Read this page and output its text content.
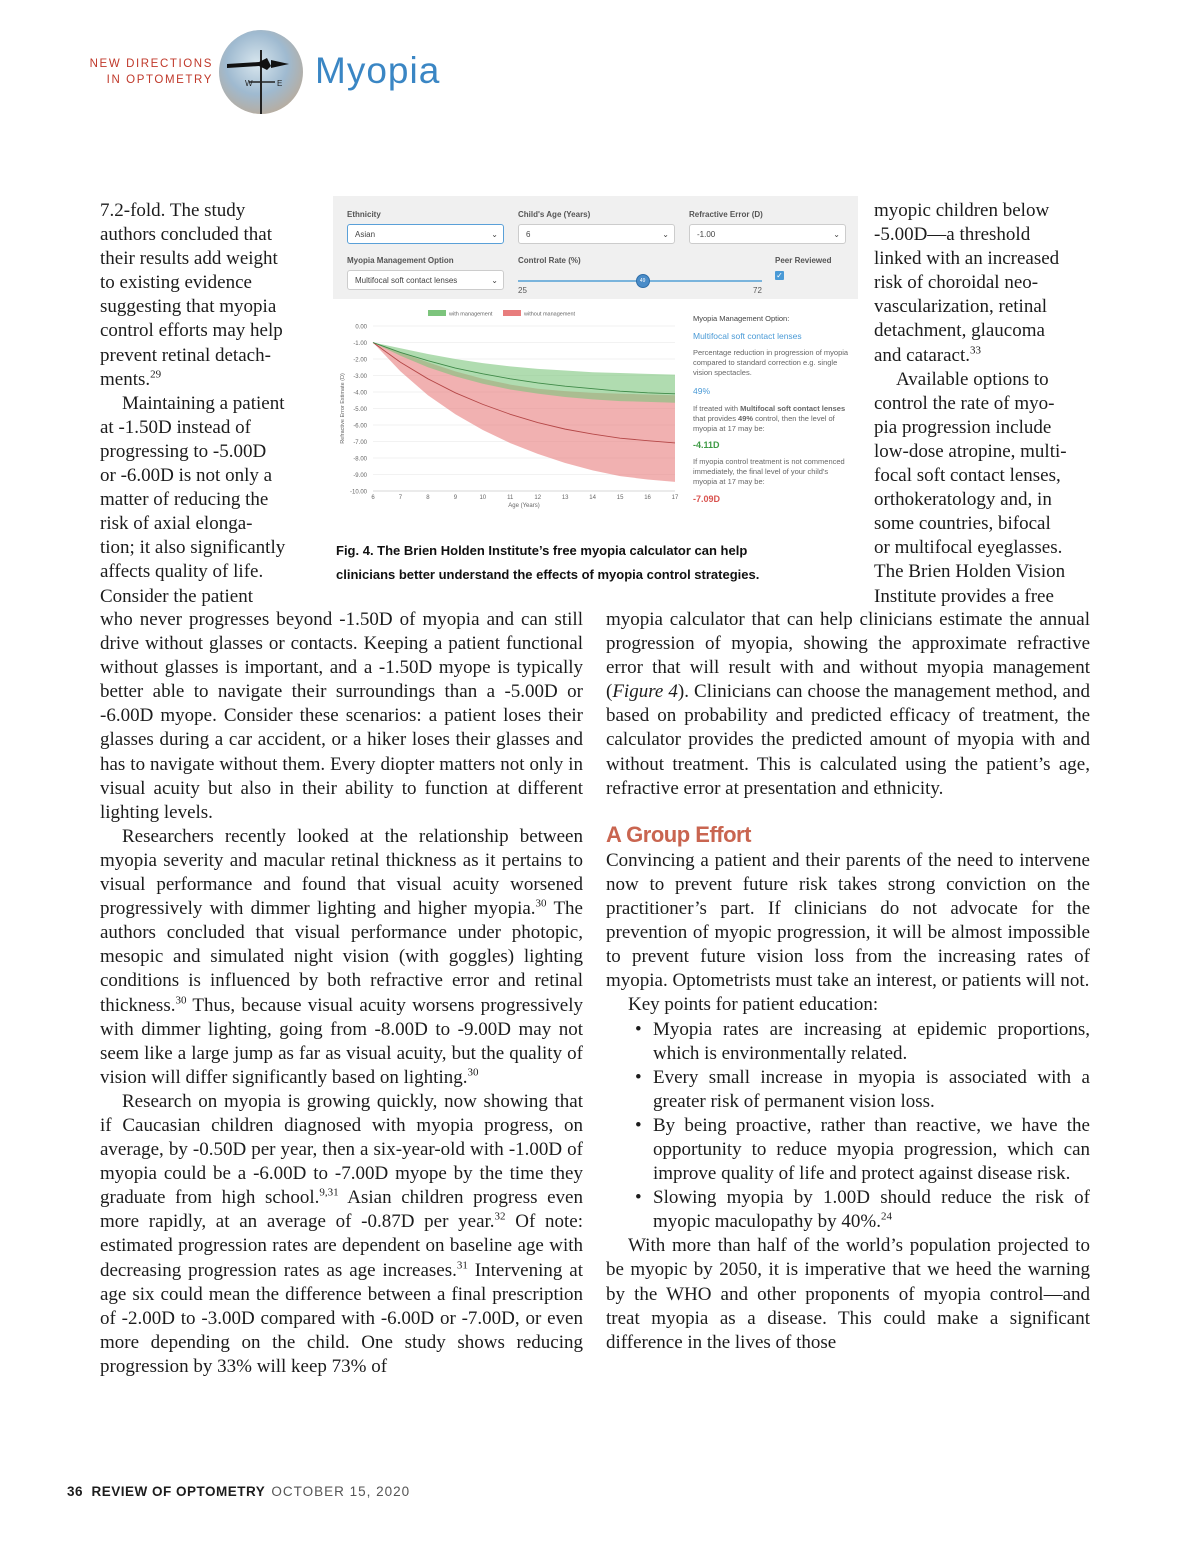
NEW DIRECTIONS
IN OPTOMETRY	W	E Myopia
7.2-fold. The study
authors concluded that
their results add weight
to existing evidence
suggesting that myopia
control efforts may help
prevent retinal detach-
ments.$^{29}$
Maintaining a patient
at -1.50D instead of
progressing to -5.00D
or -6.00D is not only a
matter of reducing the
risk of axial elonga-
tion; it also significantly
affects quality of life.
Consider the patient
myopic children below
-5.00D—a threshold
linked with an increased
risk of choroidal neo-
vascularization, retinal
detachment, glaucoma
and cataract.$^{33}$
Available options to
control the rate of myo-
pia progression include
low-dose atropine, multi-
focal soft contact lenses,
orthokeratology and, in
some countries, bifocal
or multifocal eyeglasses.
The Brien Holden Vision
Institute provides a free
Ethnicity
Asian	⌄
Child's Age (Years)
6	⌄
Refractive Error (D)
-1.00	⌄
Myopia Management Option
Multifocal soft contact lenses	⌄
Control Rate (%)
49
25	72
Peer Reviewed
✓
0.00
-1.00
-2.00
-3.00
-4.00
-5.00
-6.00
-7.00
-8.00
-9.00
-10.00
6	7	8	9	10	11	12	13	14	15	16	17
Age (Years)
Refractive Error Estimate (D)
with management	without management	Myopia Management Option:
Multifocal soft contact lenses
Percentage reduction in progression of myopia compared to standard correction e.g. single vision spectacles.
49%
If treated with Multifocal soft contact lenses that provides 49% control, then the level of myopia at 17 may be:
-4.11D
If myopia control treatment is not commenced immediately, the final level of your child's myopia at 17 may be:
-7.09D
Fig. 4. The Brien Holden Institute’s free myopia calculator can help
clinicians better understand the effects of myopia control strategies.

who never progresses beyond -1.50D of myopia and can still drive without glasses or contacts. Keeping a patient functional without glasses is important, and a -1.50D myope is typically better able to navigate their surroundings than a -5.00D or -6.00D myope. Consider these scenarios: a patient loses their glasses during a car accident, or a hiker loses their glasses and has to navigate without them. Every diopter matters not only in visual acuity but also in their ability to function at different lighting levels.

Researchers recently looked at the relationship between myopia severity and macular retinal thickness as it pertains to visual performance and found that visual acuity worsened progressively with dimmer lighting and higher myopia.$^{30}$ The authors concluded that visual performance under photopic, mesopic and simulated night vision (with goggles) lighting conditions is influenced by both refractive error and retinal thickness.$^{30}$ Thus, because visual acuity worsens progressively with dimmer lighting, going from -8.00D to -9.00D may not seem like a large jump as far as visual acuity, but the quality of vision will differ significantly based on lighting.$^{30}$

Research on myopia is growing quickly, now showing that if Caucasian children diagnosed with myopia progress, on average, by -0.50D per year, then a six-year-old with -1.00D of myopia could be a -6.00D to -7.00D myope by the time they graduate from high school.$^{9,31}$ Asian children progress even more rapidly, at an average of -0.87D per year.$^{32}$ Of note: estimated progression rates are dependent on baseline age with decreasing progression rates as age increases.$^{31}$ Intervening at age six could mean the difference between a final prescription of -2.00D to -3.00D compared with -6.00D or -7.00D, or even more depending on the child. One study shows reducing progression by 33% will keep 73% of

myopia calculator that can help clinicians estimate the annual progression of myopia, showing the approximate refractive error that will result with and without myopia management (Figure 4). Clinicians can choose the management method, and based on probability and predicted efficacy of treatment, the calculator provides the predicted amount of myopia with and without treatment. This is calculated using the patient’s age, refractive error at presentation and ethnicity.

A Group Effort

Convincing a patient and their parents of the need to intervene now to prevent future risk takes strong conviction on the practitioner’s part. If clinicians do not advocate for the prevention of myopic progression, it will be almost impossible to prevent future vision loss from the increasing rates of myopia. Optometrists must take an interest, or patients will not.

Key points for patient education:

• Myopia rates are increasing at epidemic proportions, which is environmentally related.
• Every small increase in myopia is associated with a greater risk of permanent vision loss.
• By being proactive, rather than reactive, we have the opportunity to reduce myopia progression, which can improve quality of life and protect against disease risk.
• Slowing myopia by 1.00D should reduce the risk of myopic maculopathy by 40%.$^{24}$

With more than half of the world’s population projected to be myopic by 2050, it is imperative that we heed the warning by the WHO and other proponents of myopia control—and treat myopia as a disease. This could make a significant difference in the lives of those

36 REVIEW OF OPTOMETRY OCTOBER 15, 2020
